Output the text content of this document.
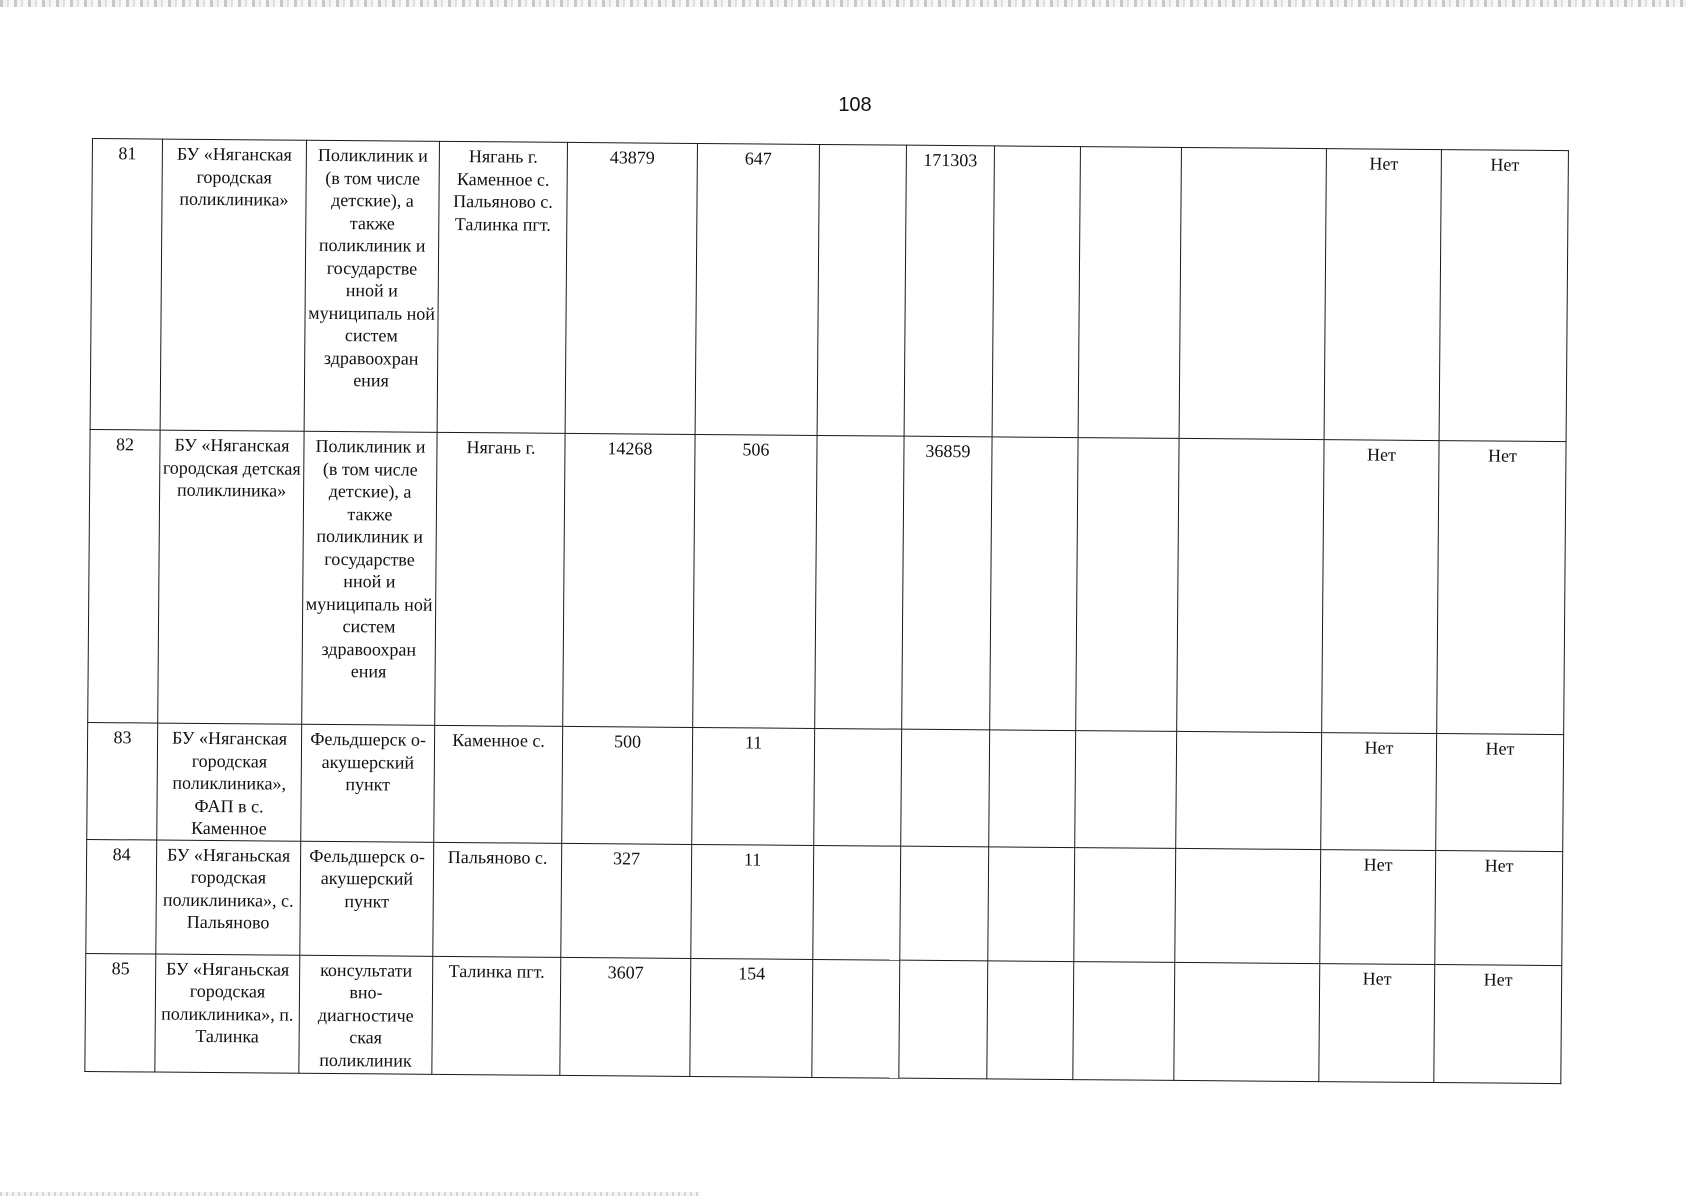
108
81	БУ «Няганская городская поликлиника»	Поликлиник и (в том числе детские), а также поликлиник и государстве нной и муниципаль ной систем здравоохран ения	Нягань г. Каменное с. Пальяново с. Талинка пгт.	43879	647		171303				Нет	Нет
82	БУ «Няганская городская детская поликлиника»	Поликлиник и (в том числе детские), а также поликлиник и государстве нной и муниципаль ной систем здравоохран ения	Нягань г.	14268	506		36859				Нет	Нет
83	БУ «Няганская городская поликлиника», ФАП в с. Каменное	Фельдшерск о- акушерский пункт	Каменное с.	500	11						Нет	Нет
84	БУ «Няганьская городская поликлиника», с. Пальяново	Фельдшерск о- акушерский пункт	Пальяново с.	327	11						Нет	Нет
85	БУ «Няганьская городская поликлиника», п. Талинка	консультати вно- диагностиче ская поликлиник	Талинка пгт.	3607	154						Нет	Нет
